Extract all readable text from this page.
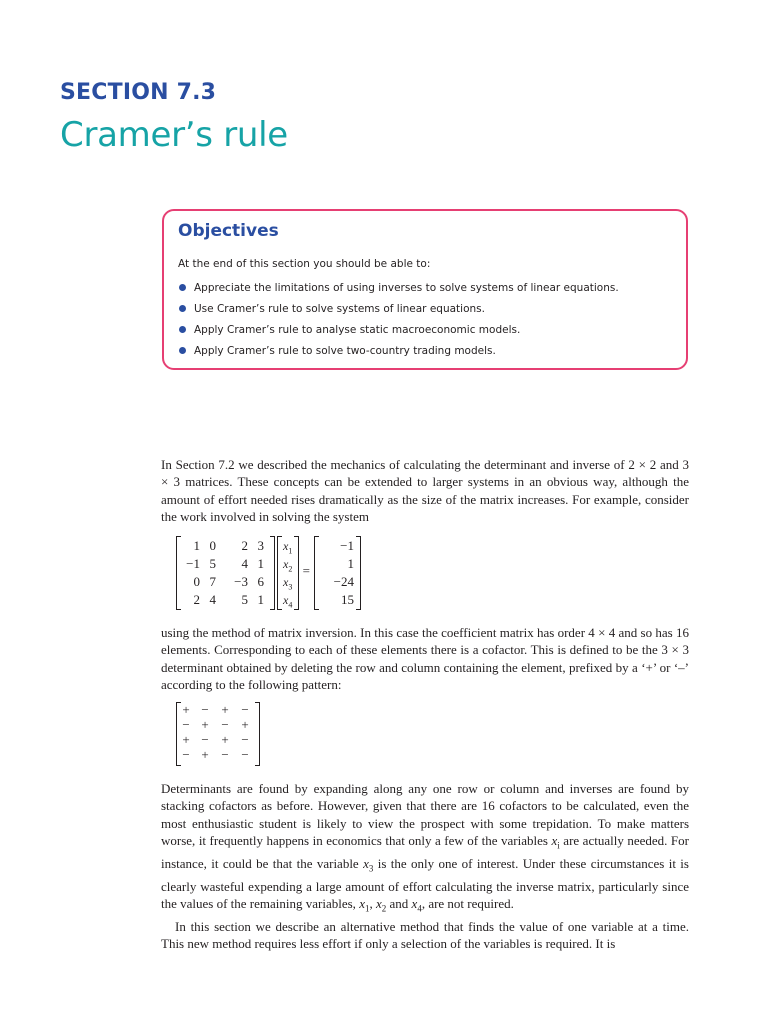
SECTION 7.3
Cramer’s rule
Objectives
At the end of this section you should be able to:
Appreciate the limitations of using inverses to solve systems of linear equations.
Use Cramer’s rule to solve systems of linear equations.
Apply Cramer’s rule to analyse static macroeconomic models.
Apply Cramer’s rule to solve two-country trading models.

In Section 7.2 we described the mechanics of calculating the determinant and inverse of 2 × 2 and 3 × 3 matrices. These concepts can be extended to larger systems in an obvious way, although the amount of effort needed rises dramatically as the size of the matrix increases. For example, consider the work involved in solving the system

1 0	2 3
−1 5	4 1
0 7	−3 6
2 4	5 1
$x_1$
$x_2$
$x_3$
$x_4$
=
−1
1
−24
15

using the method of matrix inversion. In this case the coefficient matrix has order 4 × 4 and so has 16 elements. Corresponding to each of these elements there is a cofactor. This is defined to be the 3 × 3 determinant obtained by deleting the row and column containing the element, prefixed by a ‘+’ or ‘–’ according to the following pattern:

+ − + −
− + − +
+ − + −
− + − −

Determinants are found by expanding along any one row or column and inverses are found by stacking cofactors as before. However, given that there are 16 cofactors to be calculated, even the most enthusiastic student is likely to view the prospect with some trepidation. To make matters worse, it frequently happens in economics that only a few of the variables $x_i$ are actually needed. For instance, it could be that the variable $x_3$ is the only one of interest. Under these circumstances it is clearly wasteful expending a large amount of effort calculating the inverse matrix, particularly since the values of the remaining variables, $x_1$, $x_2$ and $x_4$, are not required.

In this section we describe an alternative method that finds the value of one variable at a time. This new method requires less effort if only a selection of the variables is required. It is
